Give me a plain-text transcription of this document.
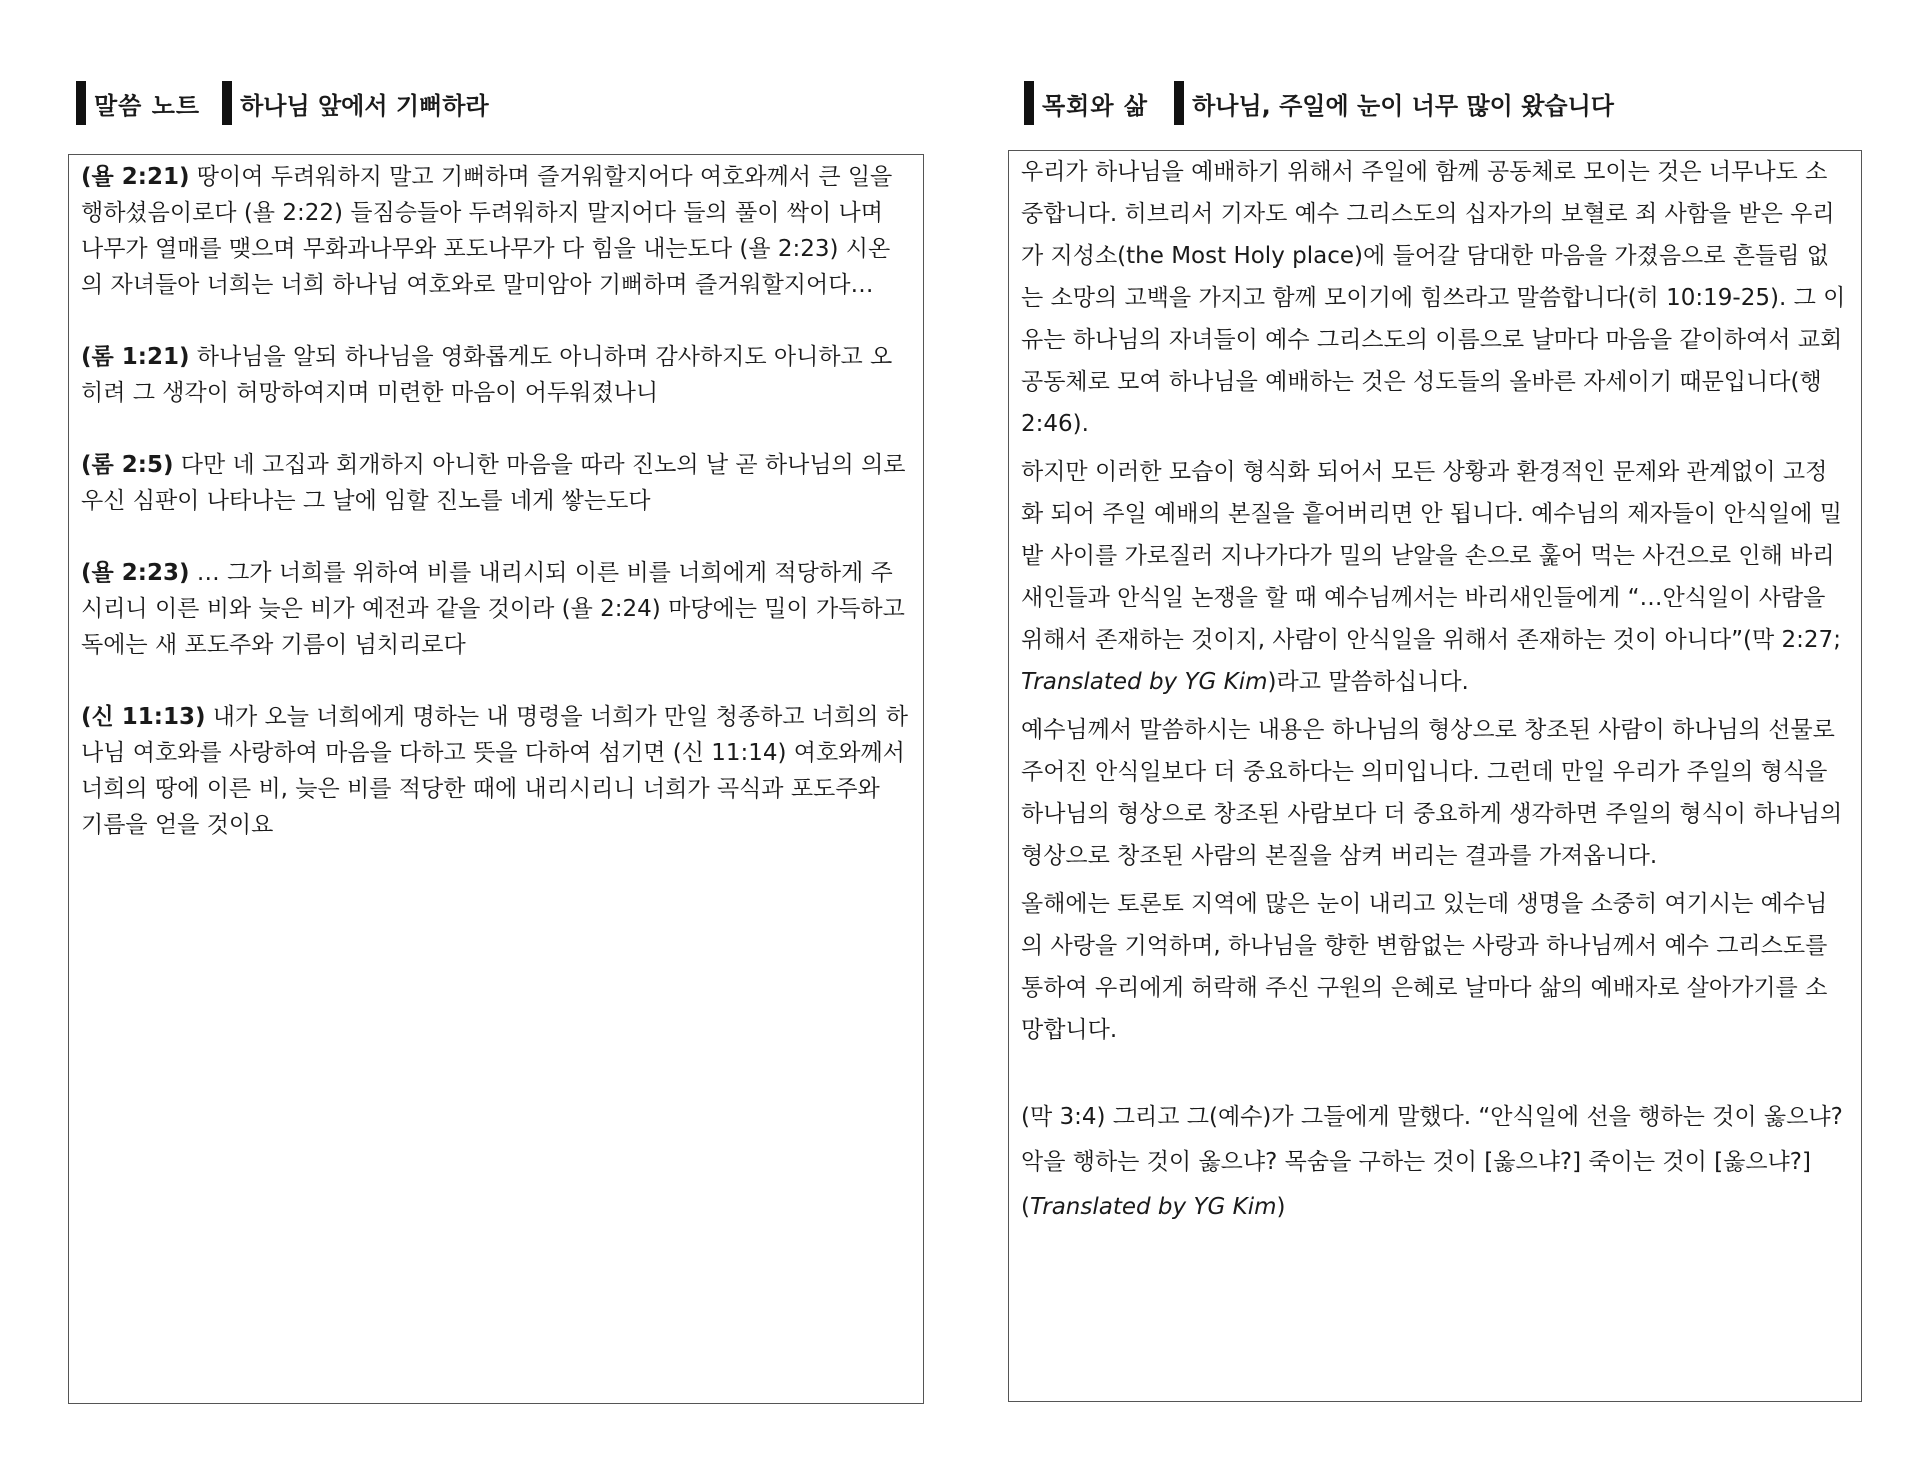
말씀 노트 하나님 앞에서 기뻐하라	목회와 삶 하나님, 주일에 눈이 너무 많이 왔습니다
(욜 2:21) 땅이여 두려워하지 말고 기뻐하며 즐거워할지어다 여호와께서 큰 일을 행하셨음이로다 (욜 2:22) 들짐승들아 두려워하지 말지어다 들의 풀이 싹이 나며 나무가 열매를 맺으며 무화과나무와 포도나무가 다 힘을 내는도다 (욜 2:23) 시온의 자녀들아 너희는 너희 하나님 여호와로 말미암아 기뻐하며 즐거워할지어다…
(롬 1:21) 하나님을 알되 하나님을 영화롭게도 아니하며 감사하지도 아니하고 오히려 그 생각이 허망하여지며 미련한 마음이 어두워졌나니
(롬 2:5) 다만 네 고집과 회개하지 아니한 마음을 따라 진노의 날 곧 하나님의 의로우신 심판이 나타나는 그 날에 임할 진노를 네게 쌓는도다
(욜 2:23) … 그가 너희를 위하여 비를 내리시되 이른 비를 너희에게 적당하게 주시리니 이른 비와 늦은 비가 예전과 같을 것이라 (욜 2:24) 마당에는 밀이 가득하고 독에는 새 포도주와 기름이 넘치리로다
(신 11:13) 내가 오늘 너희에게 명하는 내 명령을 너희가 만일 청종하고 너희의 하나님 여호와를 사랑하여 마음을 다하고 뜻을 다하여 섬기면 (신 11:14) 여호와께서 너희의 땅에 이른 비, 늦은 비를 적당한 때에 내리시리니 너희가 곡식과 포도주와 기름을 얻을 것이요

우리가 하나님을 예배하기 위해서 주일에 함께 공동체로 모이는 것은 너무나도 소중합니다. 히브리서 기자도 예수 그리스도의 십자가의 보혈로 죄 사함을 받은 우리가 지성소(the Most Holy place)에 들어갈 담대한 마음을 가졌음으로 흔들림 없는 소망의 고백을 가지고 함께 모이기에 힘쓰라고 말씀합니다(히 10:19-25). 그 이유는 하나님의 자녀들이 예수 그리스도의 이름으로 날마다 마음을 같이하여서 교회 공동체로 모여 하나님을 예배하는 것은 성도들의 올바른 자세이기 때문입니다(행 2:46).

하지만 이러한 모습이 형식화 되어서 모든 상황과 환경적인 문제와 관계없이 고정화 되어 주일 예배의 본질을 흩어버리면 안 됩니다. 예수님의 제자들이 안식일에 밀밭 사이를 가로질러 지나가다가 밀의 낟알을 손으로 훑어 먹는 사건으로 인해 바리새인들과 안식일 논쟁을 할 때 예수님께서는 바리새인들에게 “…안식일이 사람을 위해서 존재하는 것이지, 사람이 안식일을 위해서 존재하는 것이 아니다”(막 2:27; Translated by YG Kim)라고 말씀하십니다.

예수님께서 말씀하시는 내용은 하나님의 형상으로 창조된 사람이 하나님의 선물로 주어진 안식일보다 더 중요하다는 의미입니다. 그런데 만일 우리가 주일의 형식을 하나님의 형상으로 창조된 사람보다 더 중요하게 생각하면 주일의 형식이 하나님의 형상으로 창조된 사람의 본질을 삼켜 버리는 결과를 가져옵니다.

올해에는 토론토 지역에 많은 눈이 내리고 있는데 생명을 소중히 여기시는 예수님의 사랑을 기억하며, 하나님을 향한 변함없는 사랑과 하나님께서 예수 그리스도를 통하여 우리에게 허락해 주신 구원의 은혜로 날마다 삶의 예배자로 살아가기를 소망합니다.

(막 3:4) 그리고 그(예수)가 그들에게 말했다. “안식일에 선을 행하는 것이 옳으냐? 악을 행하는 것이 옳으냐? 목숨을 구하는 것이 [옳으냐?] 죽이는 것이 [옳으냐?] (Translated by YG Kim)
